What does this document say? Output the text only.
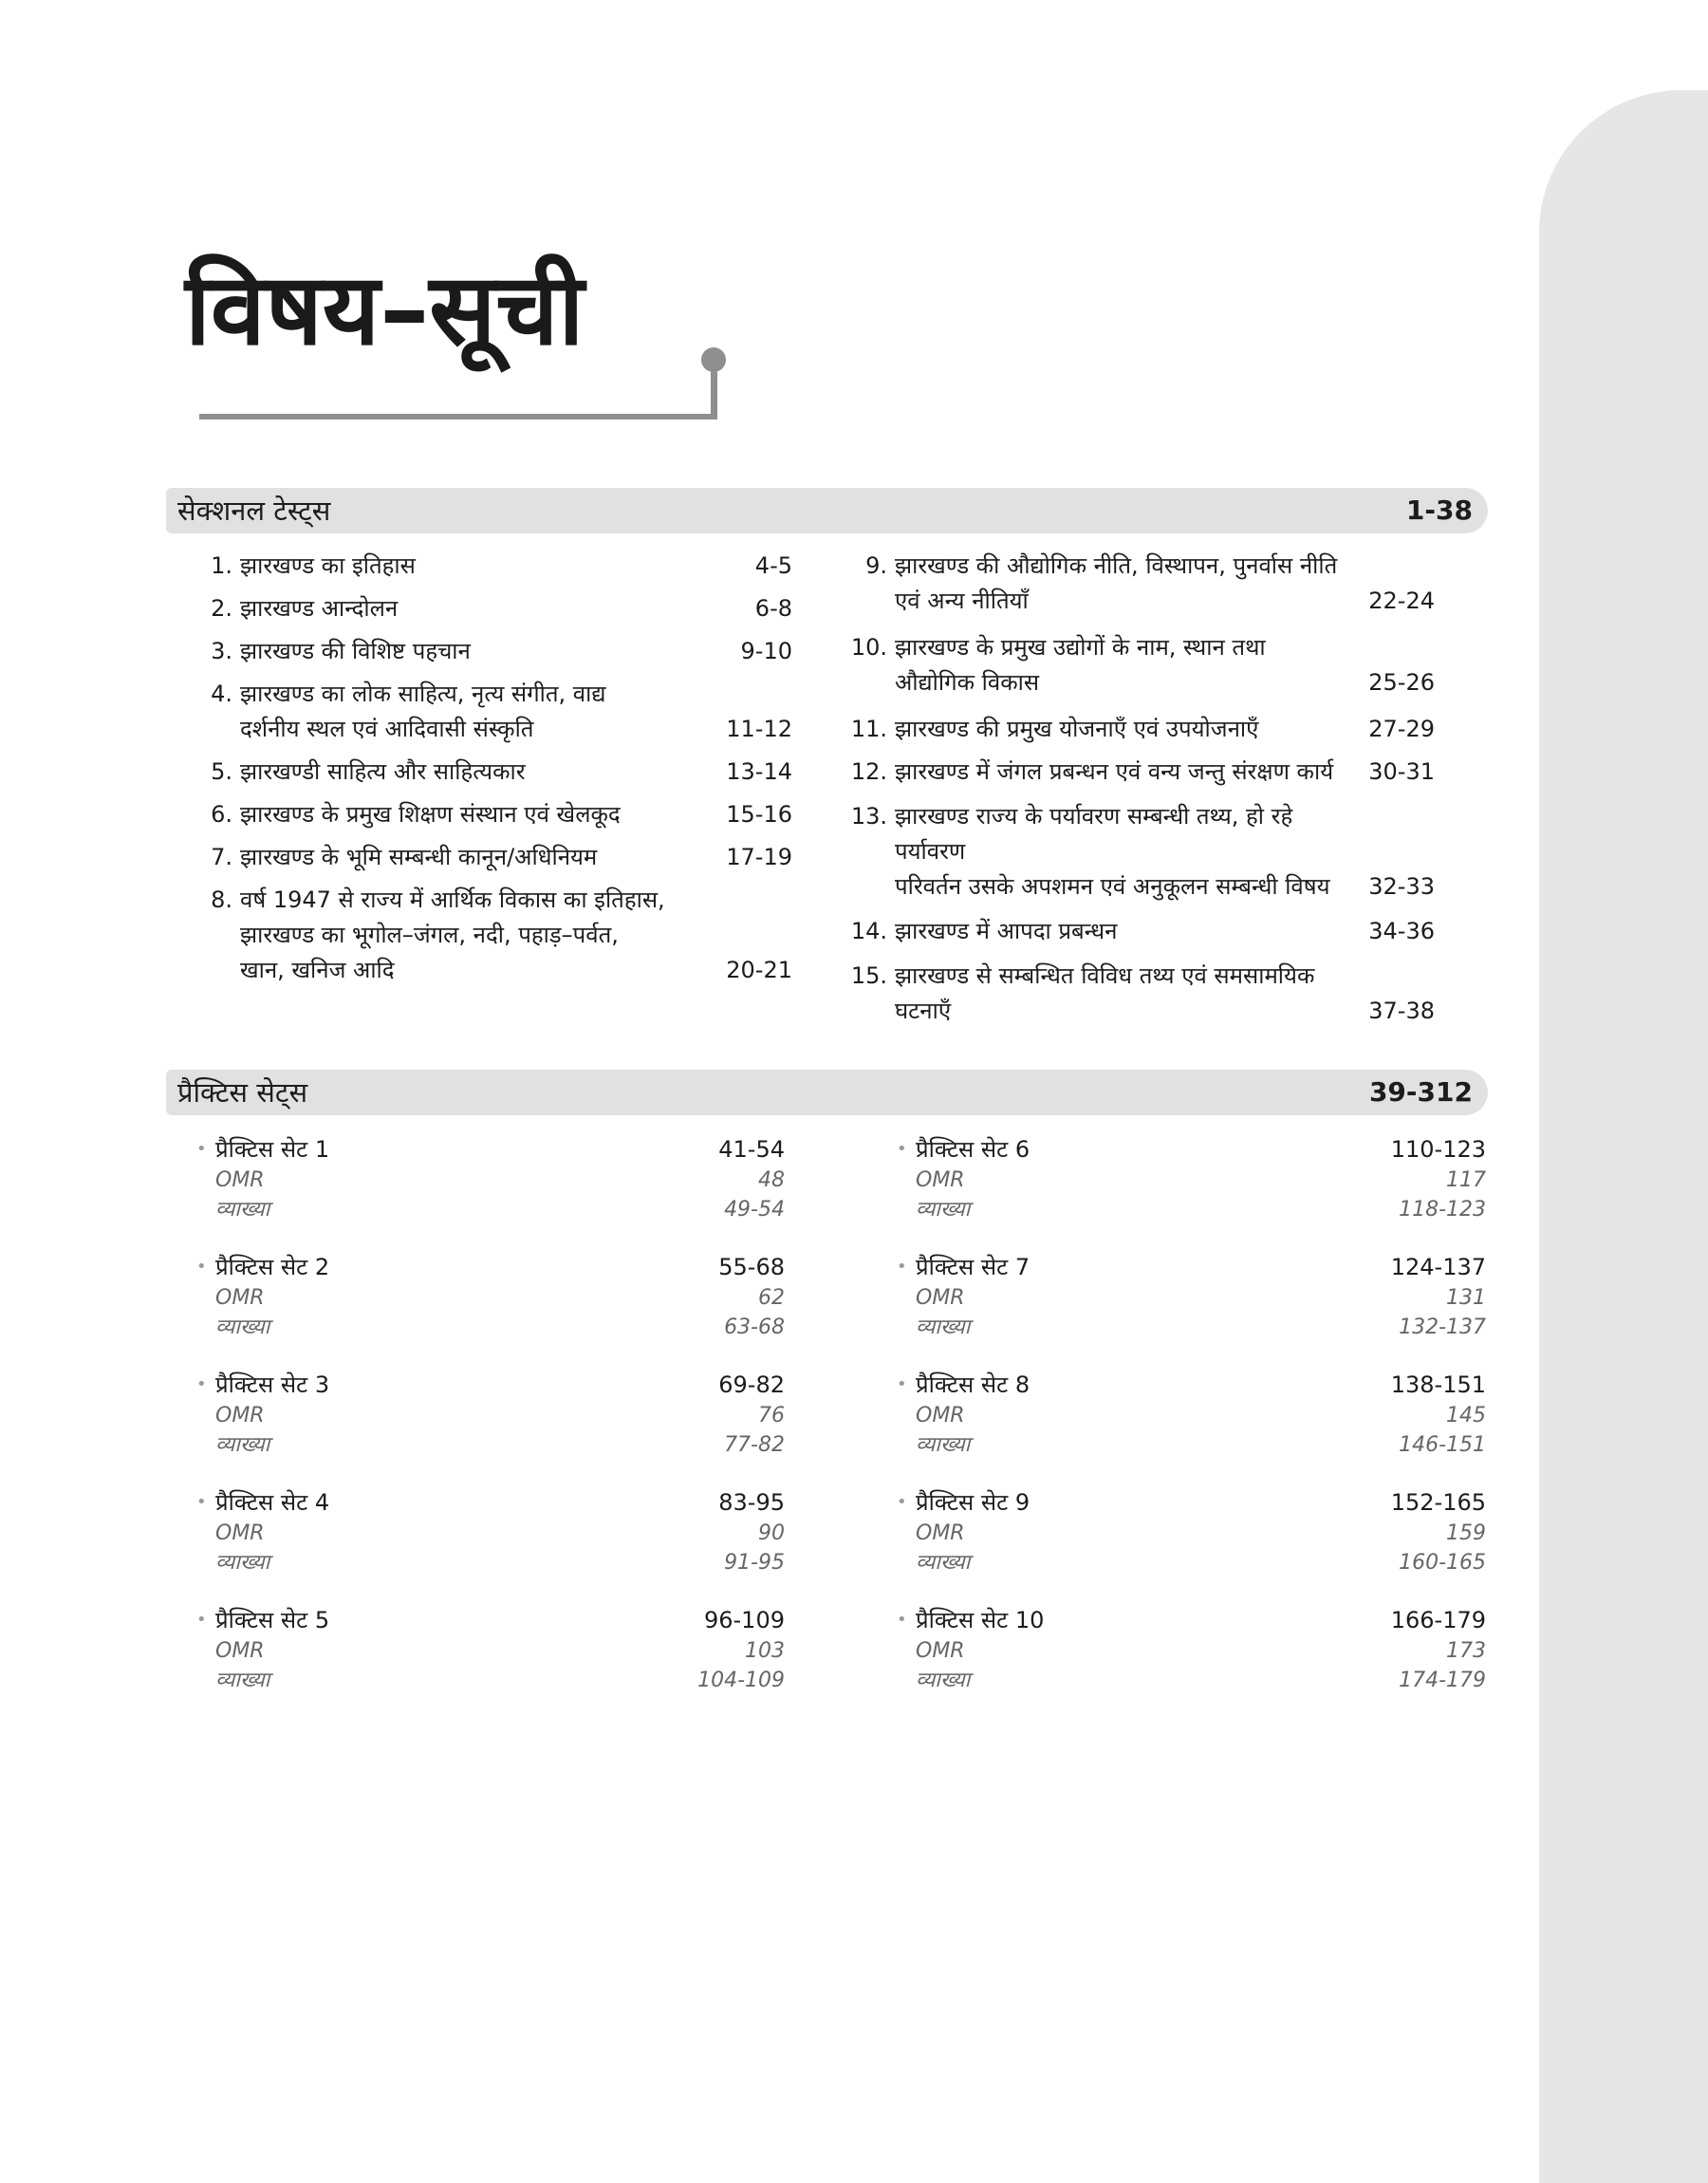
विषय–सूची
सेक्शनल टेस्ट्स	1-38
1. झारखण्ड का इतिहास	4-5
2. झारखण्ड आन्दोलन	6-8
3. झारखण्ड की विशिष्ट पहचान	9-10
4. झारखण्ड का लोक साहित्य, नृत्य संगीत, वाद्य
दर्शनीय स्थल एवं आदिवासी संस्कृति	11-12
5. झारखण्डी साहित्य और साहित्यकार	13-14
6. झारखण्ड के प्रमुख शिक्षण संस्थान एवं खेलकूद	15-16
7. झारखण्ड के भूमि सम्बन्धी कानून/अधिनियम	17-19
8. वर्ष 1947 से राज्य में आर्थिक विकास का इतिहास,
झारखण्ड का भूगोल–जंगल, नदी, पहाड़–पर्वत,
खान, खनिज आदि	20-21
9. झारखण्ड की औद्योगिक नीति, विस्थापन, पुनर्वास नीति
एवं अन्य नीतियाँ	22-24
10. झारखण्ड के प्रमुख उद्योगों के नाम, स्थान तथा
औद्योगिक विकास	25-26
11. झारखण्ड की प्रमुख योजनाएँ एवं उपयोजनाएँ	27-29
12. झारखण्ड में जंगल प्रबन्धन एवं वन्य जन्तु संरक्षण कार्य	30-31
13. झारखण्ड राज्य के पर्यावरण सम्बन्धी तथ्य, हो रहे पर्यावरण
परिवर्तन उसके अपशमन एवं अनुकूलन सम्बन्धी विषय	32-33
14. झारखण्ड में आपदा प्रबन्धन	34-36
15. झारखण्ड से सम्बन्धित विविध तथ्य एवं समसामयिक
घटनाएँ	37-38
प्रैक्टिस सेट्स	39-312
• प्रैक्टिस सेट 1	41-54
OMR	48
व्याख्या	49-54
• प्रैक्टिस सेट 2	55-68
OMR	62
व्याख्या	63-68
• प्रैक्टिस सेट 3	69-82
OMR	76
व्याख्या	77-82
• प्रैक्टिस सेट 4	83-95
OMR	90
व्याख्या	91-95
• प्रैक्टिस सेट 5	96-109
OMR	103
व्याख्या	104-109
• प्रैक्टिस सेट 6	110-123
OMR	117
व्याख्या	118-123
• प्रैक्टिस सेट 7	124-137
OMR	131
व्याख्या	132-137
• प्रैक्टिस सेट 8	138-151
OMR	145
व्याख्या	146-151
• प्रैक्टिस सेट 9	152-165
OMR	159
व्याख्या	160-165
• प्रैक्टिस सेट 10	166-179
OMR	173
व्याख्या	174-179
